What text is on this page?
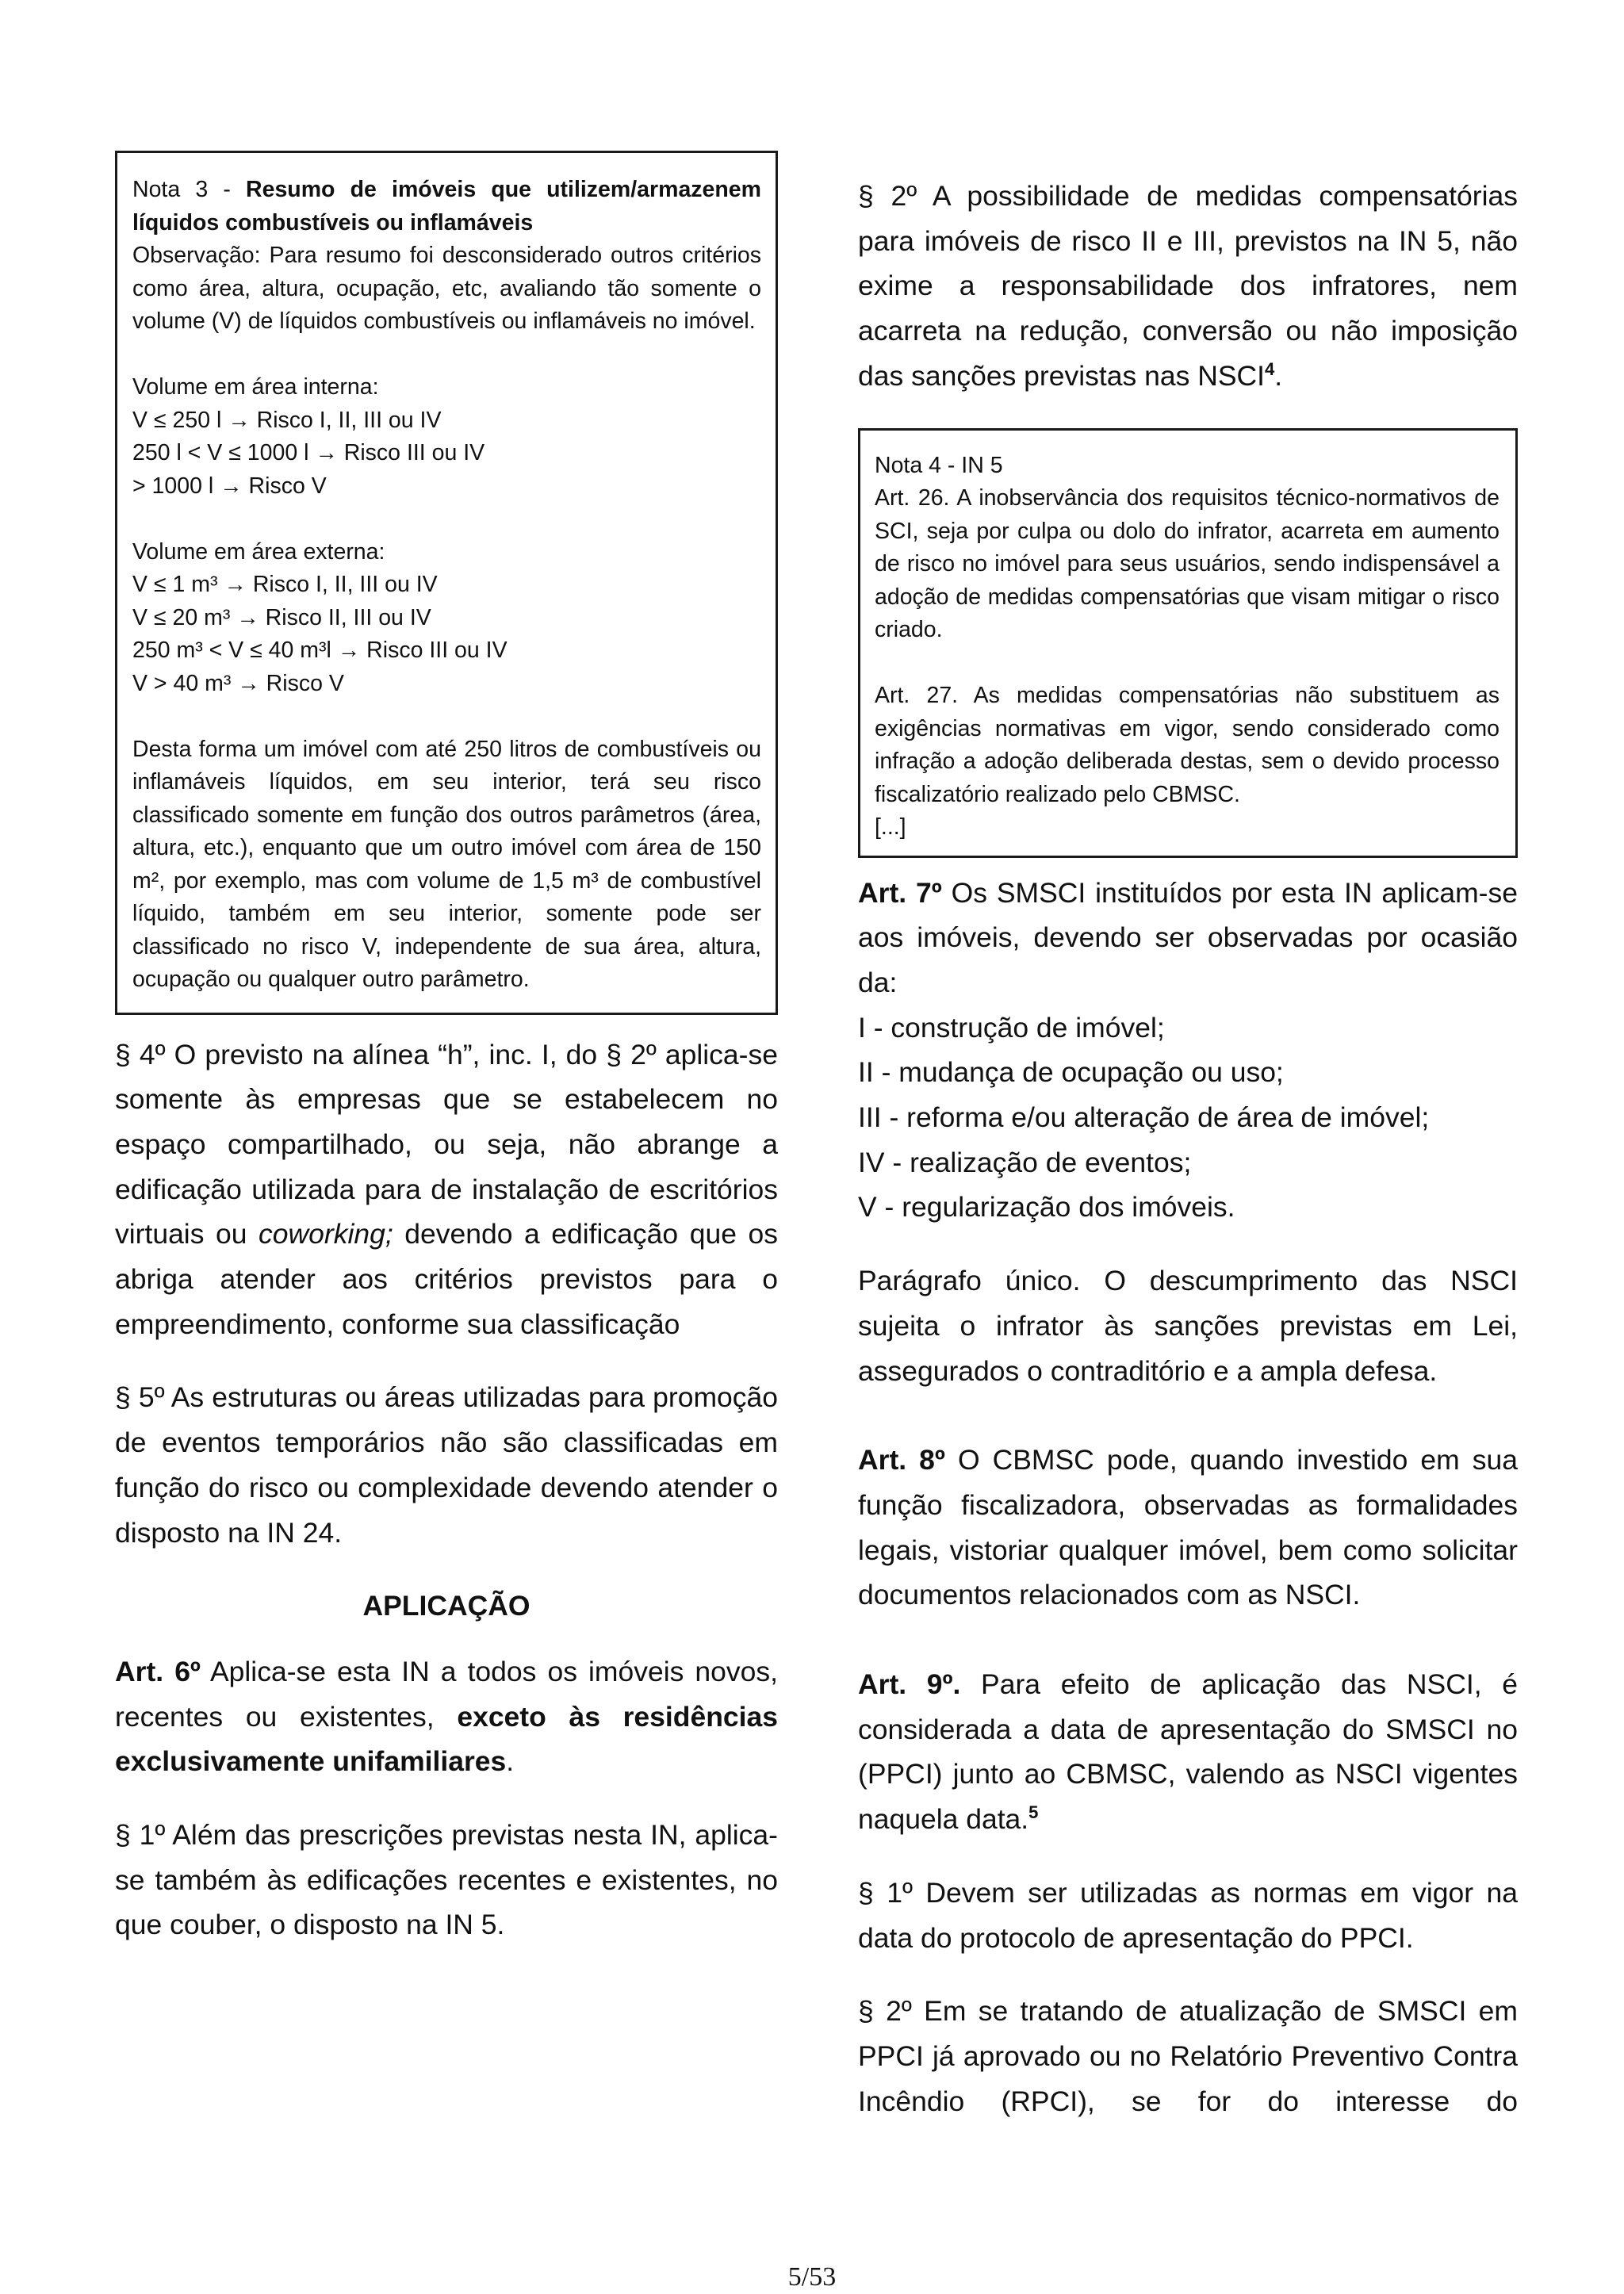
Nota 3 - Resumo de imóveis que utilizem/armazenem líquidos combustíveis ou inflamáveis

Observação: Para resumo foi desconsiderado outros critérios como área, altura, ocupação, etc, avaliando tão somente o volume (V) de líquidos combustíveis ou inflamáveis no imóvel.

Volume em área interna:

V ≤ 250 l → Risco I, II, III ou IV

250 l < V ≤ 1000 l → Risco III ou IV

> 1000 l → Risco V

Volume em área externa:

V ≤ 1 m³ → Risco I, II, III ou IV

V ≤ 20 m³ → Risco II, III ou IV

250 m³ < V ≤ 40 m³l → Risco III ou IV

V > 40 m³ → Risco V

Desta forma um imóvel com até 250 litros de combustíveis ou inflamáveis líquidos, em seu interior, terá seu risco classificado somente em função dos outros parâmetros (área, altura, etc.), enquanto que um outro imóvel com área de 150 m², por exemplo, mas com volume de 1,5 m³ de combustível líquido, também em seu interior, somente pode ser classificado no risco V, independente de sua área, altura, ocupação ou qualquer outro parâmetro.

§ 4º O previsto na alínea “h”, inc. I, do § 2º aplica-se somente às empresas que se estabelecem no espaço compartilhado, ou seja, não abrange a edificação utilizada para de instalação de escritórios virtuais ou coworking; devendo a edificação que os abriga atender aos critérios previstos para o empreendimento, conforme sua classificação

§ 5º As estruturas ou áreas utilizadas para promoção de eventos temporários não são classificadas em função do risco ou complexidade devendo atender o disposto na IN 24.

APLICAÇÃO

Art. 6º Aplica-se esta IN a todos os imóveis novos, recentes ou existentes, exceto às residências exclusivamente unifamiliares.

§ 1º Além das prescrições previstas nesta IN, aplica-se também às edificações recentes e existentes, no que couber, o disposto na IN 5.

§ 2º A possibilidade de medidas compensatórias para imóveis de risco II e III, previstos na IN 5, não exime a responsabilidade dos infratores, nem acarreta na redução, conversão ou não imposição das sanções previstas nas NSCI$^4$.

Nota 4 - IN 5

Art. 26. A inobservância dos requisitos técnico-normativos de SCI, seja por culpa ou dolo do infrator, acarreta em aumento de risco no imóvel para seus usuários, sendo indispensável a adoção de medidas compensatórias que visam mitigar o risco criado.

Art. 27. As medidas compensatórias não substituem as exigências normativas em vigor, sendo considerado como infração a adoção deliberada destas, sem o devido processo fiscalizatório realizado pelo CBMSC.

[...]

Art. 7º Os SMSCI instituídos por esta IN aplicam-se aos imóveis, devendo ser observadas por ocasião da:

I - construção de imóvel;

II - mudança de ocupação ou uso;

III - reforma e/ou alteração de área de imóvel;

IV - realização de eventos;

V - regularização dos imóveis.

Parágrafo único. O descumprimento das NSCI sujeita o infrator às sanções previstas em Lei, assegurados o contraditório e a ampla defesa.

Art. 8º O CBMSC pode, quando investido em sua função fiscalizadora, observadas as formalidades legais, vistoriar qualquer imóvel, bem como solicitar documentos relacionados com as NSCI.

Art. 9º. Para efeito de aplicação das NSCI, é considerada a data de apresentação do SMSCI no (PPCI) junto ao CBMSC, valendo as NSCI vigentes naquela data.$^5$

§ 1º Devem ser utilizadas as normas em vigor na data do protocolo de apresentação do PPCI.

§ 2º Em se tratando de atualização de SMSCI em PPCI já aprovado ou no Relatório Preventivo Contra Incêndio (RPCI), se for do interesse do

5/53
